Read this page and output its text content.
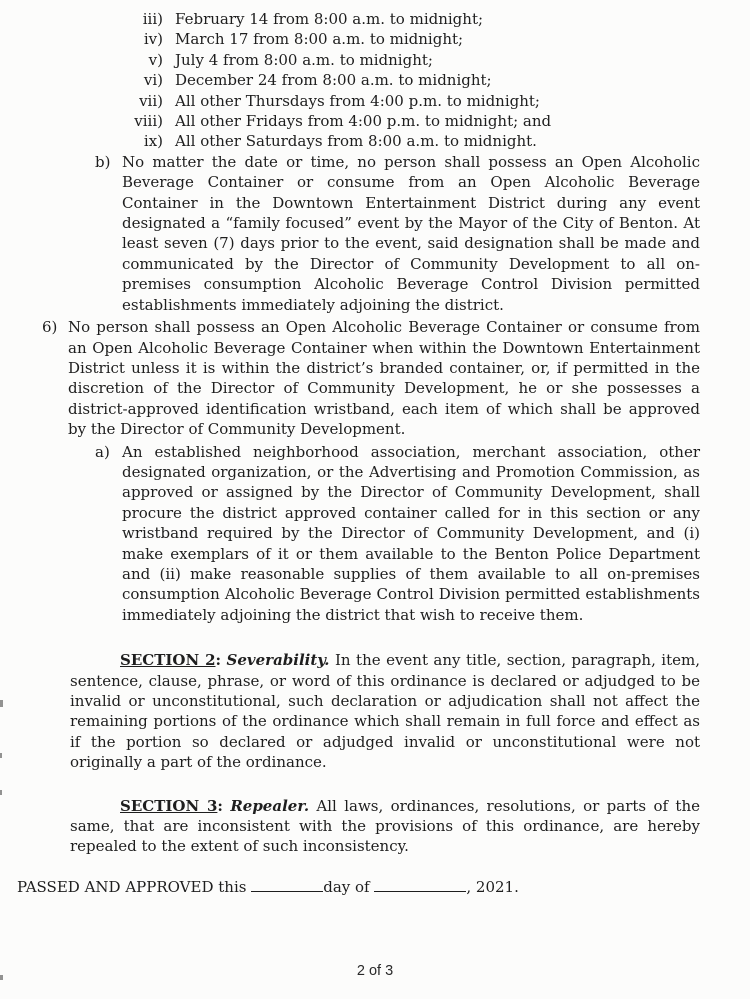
iii) February 14 from 8:00 a.m. to midnight;
iv) March 17 from 8:00 a.m. to midnight;
v) July 4 from 8:00 a.m. to midnight;
vi) December 24 from 8:00 a.m. to midnight;
vii) All other Thursdays from 4:00 p.m. to midnight;
viii) All other Fridays from 4:00 p.m. to midnight; and
ix) All other Saturdays from 8:00 a.m. to midnight.
b) No matter the date or time, no person shall possess an Open Alcoholic Beverage Container or consume from an Open Alcoholic Beverage Container in the Downtown Entertainment District during any event designated a “family focused” event by the Mayor of the City of Benton. At least seven (7) days prior to the event, said designation shall be made and communicated by the Director of Community Development to all on-premises consumption Alcoholic Beverage Control Division permitted establishments immediately adjoining the district.
6) No person shall possess an Open Alcoholic Beverage Container or consume from an Open Alcoholic Beverage Container when within the Downtown Entertainment District unless it is within the district’s branded container, or, if permitted in the discretion of the Director of Community Development, he or she possesses a district-approved identification wristband, each item of which shall be approved by the Director of Community Development.
a) An established neighborhood association, merchant association, other designated organization, or the Advertising and Promotion Commission, as approved or assigned by the Director of Community Development, shall procure the district approved container called for in this section or any wristband required by the Director of Community Development, and (i) make exemplars of it or them available to the Benton Police Department and (ii) make reasonable supplies of them available to all on-premises consumption Alcoholic Beverage Control Division permitted establishments immediately adjoining the district that wish to receive them.

SECTION 2: Severability. In the event any title, section, paragraph, item, sentence, clause, phrase, or word of this ordinance is declared or adjudged to be invalid or unconstitutional, such declaration or adjudication shall not affect the remaining portions of the ordinance which shall remain in full force and effect as if the portion so declared or adjudged invalid or unconstitutional were not originally a part of the ordinance.

SECTION 3: Repealer. All laws, ordinances, resolutions, or parts of the same, that are inconsistent with the provisions of this ordinance, are hereby repealed to the extent of such inconsistency.

PASSED AND APPROVED this	day of	, 2021.

2 of 3
